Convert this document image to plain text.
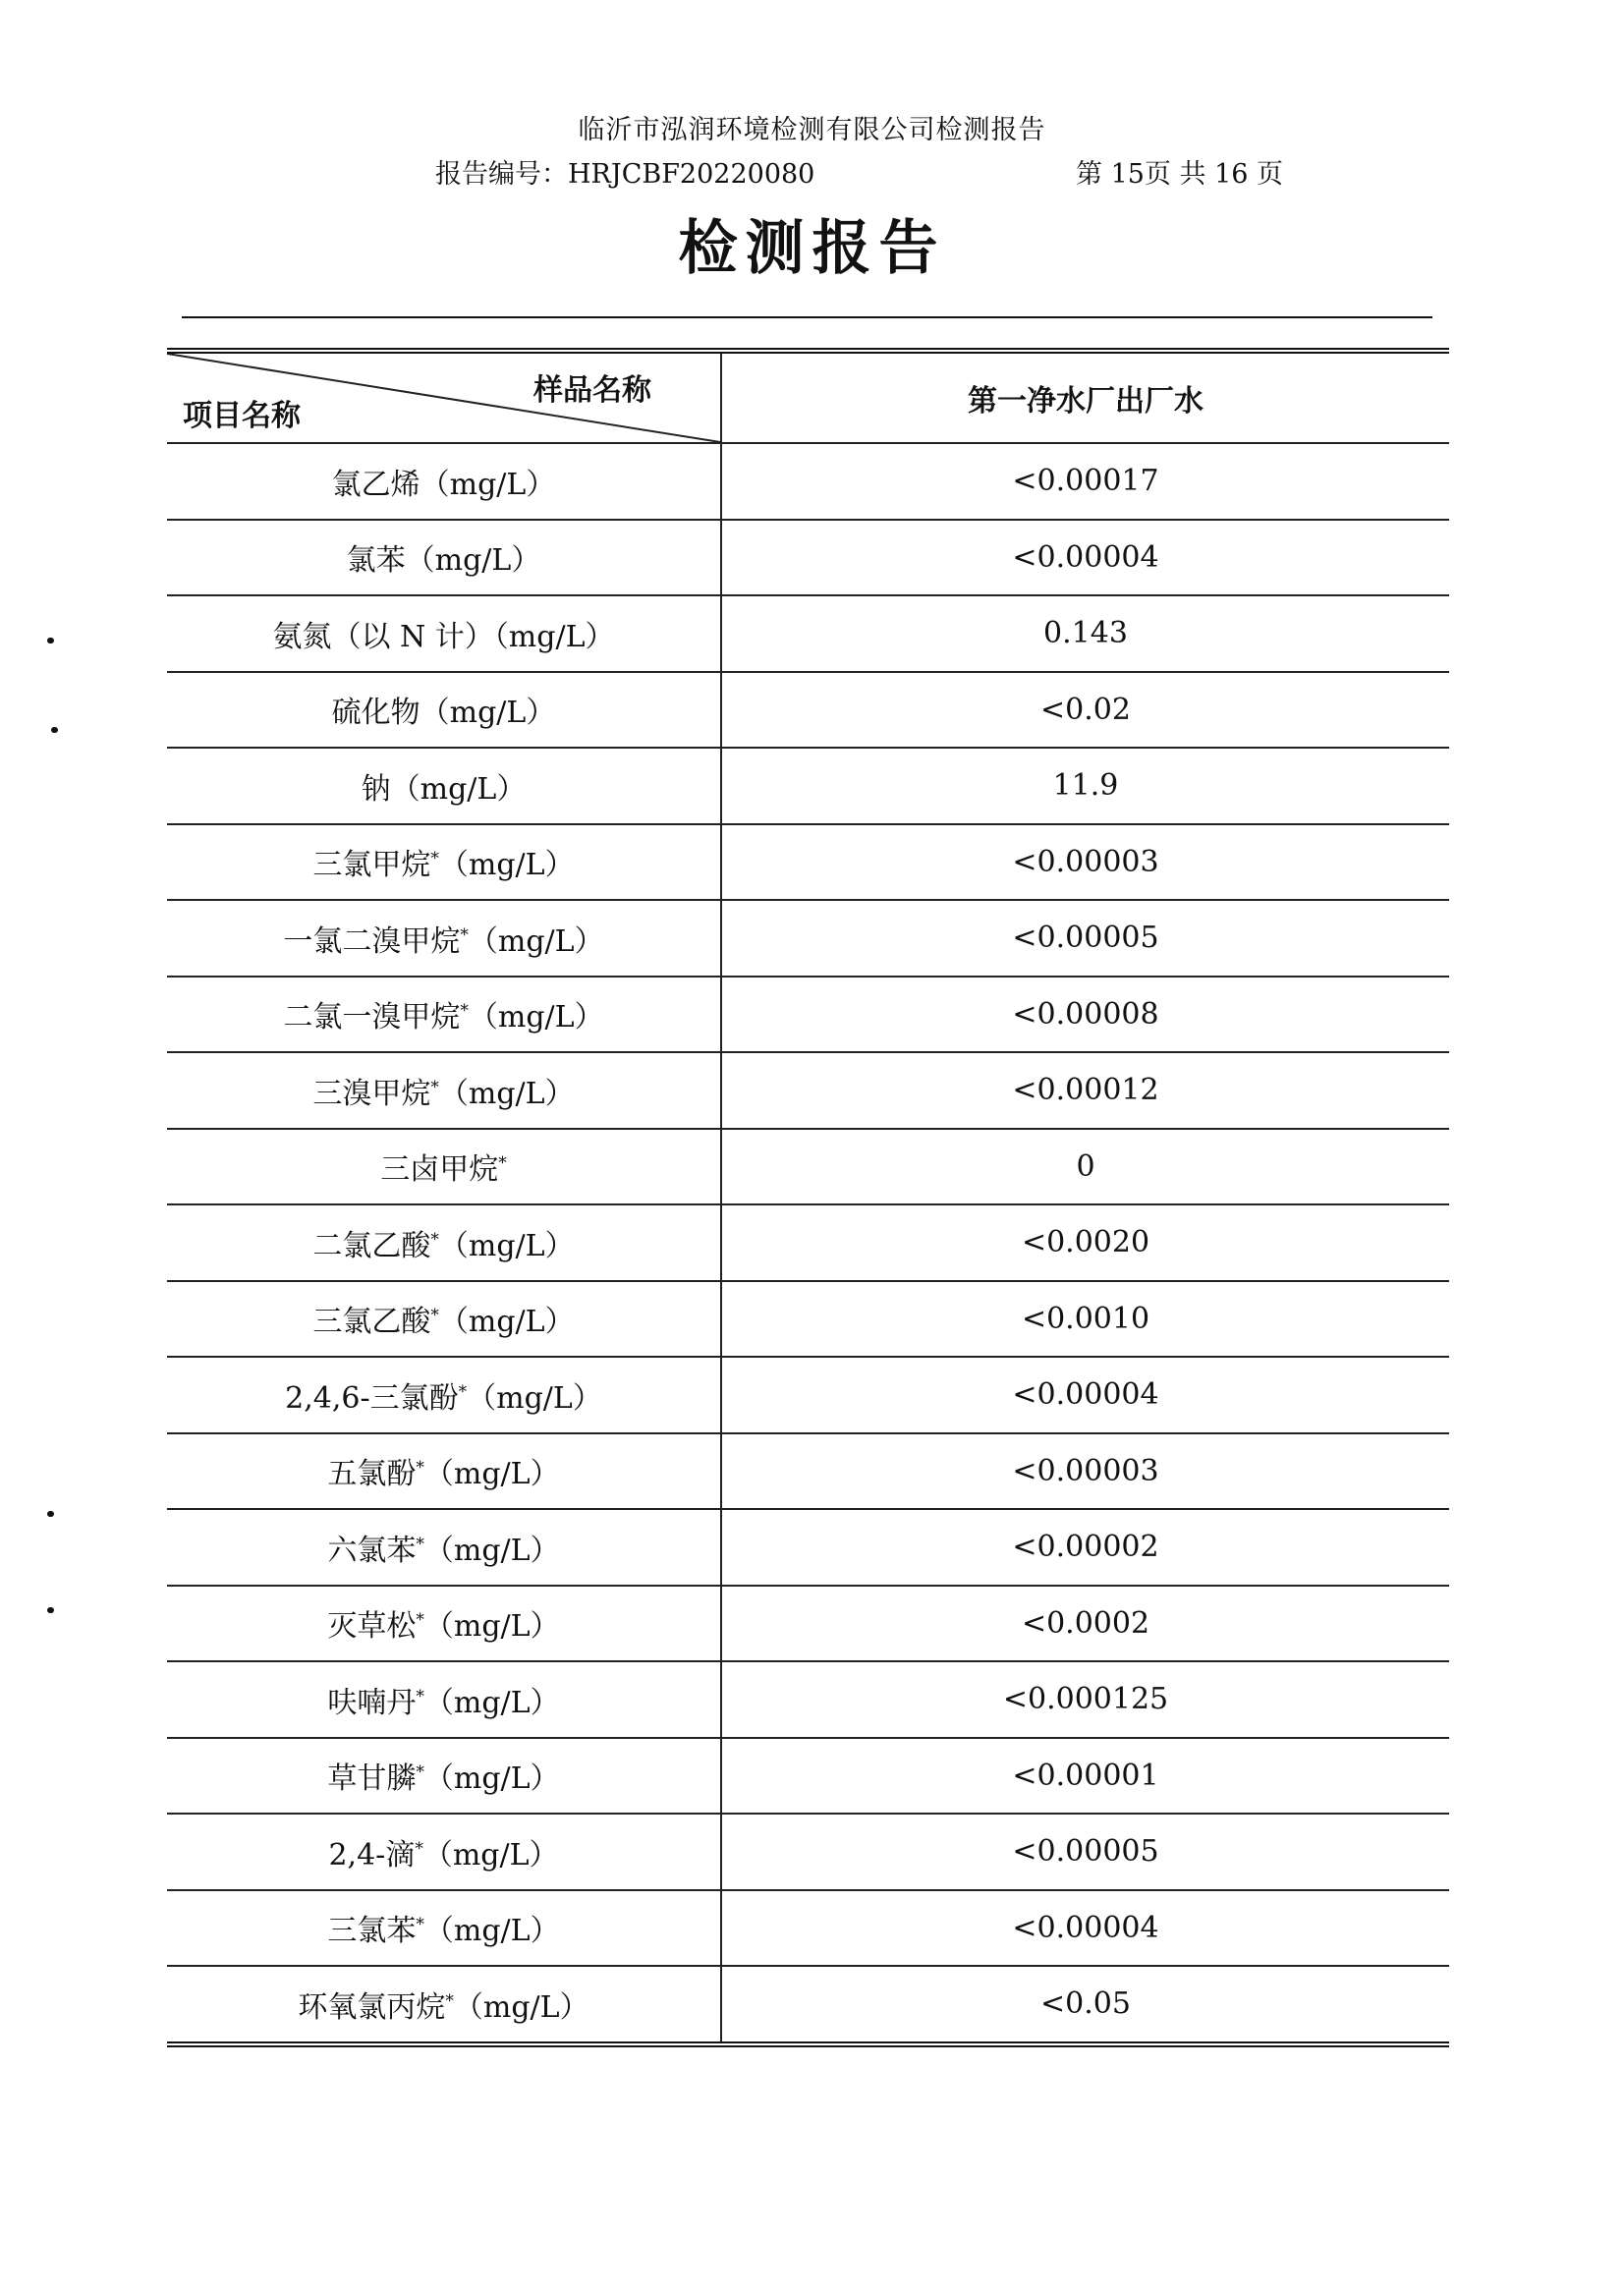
临沂市泓润环境检测有限公司检测报告
报告编号：HRJCBF20220080	第 15页 共 16 页
检测报告
样品名称
项目名称	第一净水厂出厂水
氯乙烯（mg/L）	<0.00017
氯苯（mg/L）	<0.00004
氨氮（以 N 计）（mg/L）	0.143
硫化物（mg/L）	<0.02
钠（mg/L）	11.9
三氯甲烷*（mg/L）	<0.00003
一氯二溴甲烷*（mg/L）	<0.00005
二氯一溴甲烷*（mg/L）	<0.00008
三溴甲烷*（mg/L）	<0.00012
三卤甲烷*	0
二氯乙酸*（mg/L）	<0.0020
三氯乙酸*（mg/L）	<0.0010
2,4,6-三氯酚*（mg/L）	<0.00004
五氯酚*（mg/L）	<0.00003
六氯苯*（mg/L）	<0.00002
灭草松*（mg/L）	<0.0002
呋喃丹*（mg/L）	<0.000125
草甘膦*（mg/L）	<0.00001
2,4-滴*（mg/L）	<0.00005
三氯苯*（mg/L）	<0.00004
环氧氯丙烷*（mg/L）	<0.05
